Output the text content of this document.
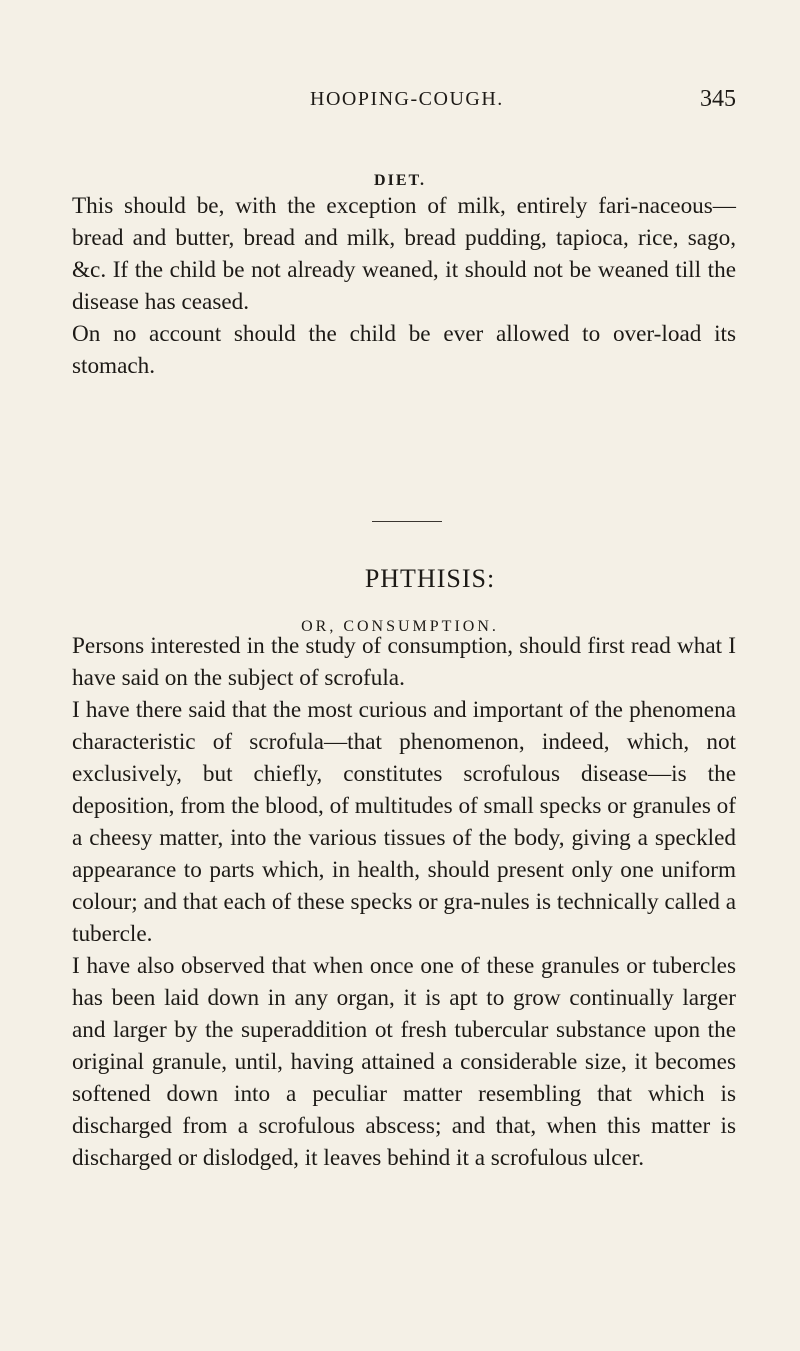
HOOPING-COUGH.	345
DIET.

This should be, with the exception of milk, entirely fari-naceous—bread and butter, bread and milk, bread pudding, tapioca, rice, sago, &c. If the child be not already weaned, it should not be weaned till the disease has ceased.

On no account should the child be ever allowed to over-load its stomach.

PHTHISIS:
OR, CONSUMPTION.

Persons interested in the study of consumption, should first read what I have said on the subject of scrofula.

I have there said that the most curious and important of the phenomena characteristic of scrofula—that phenomenon, indeed, which, not exclusively, but chiefly, constitutes scrofulous disease—is the deposition, from the blood, of multitudes of small specks or granules of a cheesy matter, into the various tissues of the body, giving a speckled appearance to parts which, in health, should present only one uniform colour; and that each of these specks or gra-nules is technically called a tubercle.

I have also observed that when once one of these granules or tubercles has been laid down in any organ, it is apt to grow continually larger and larger by the superaddition ot fresh tubercular substance upon the original granule, until, having attained a considerable size, it becomes softened down into a peculiar matter resembling that which is discharged from a scrofulous abscess; and that, when this matter is discharged or dislodged, it leaves behind it a scrofulous ulcer.
